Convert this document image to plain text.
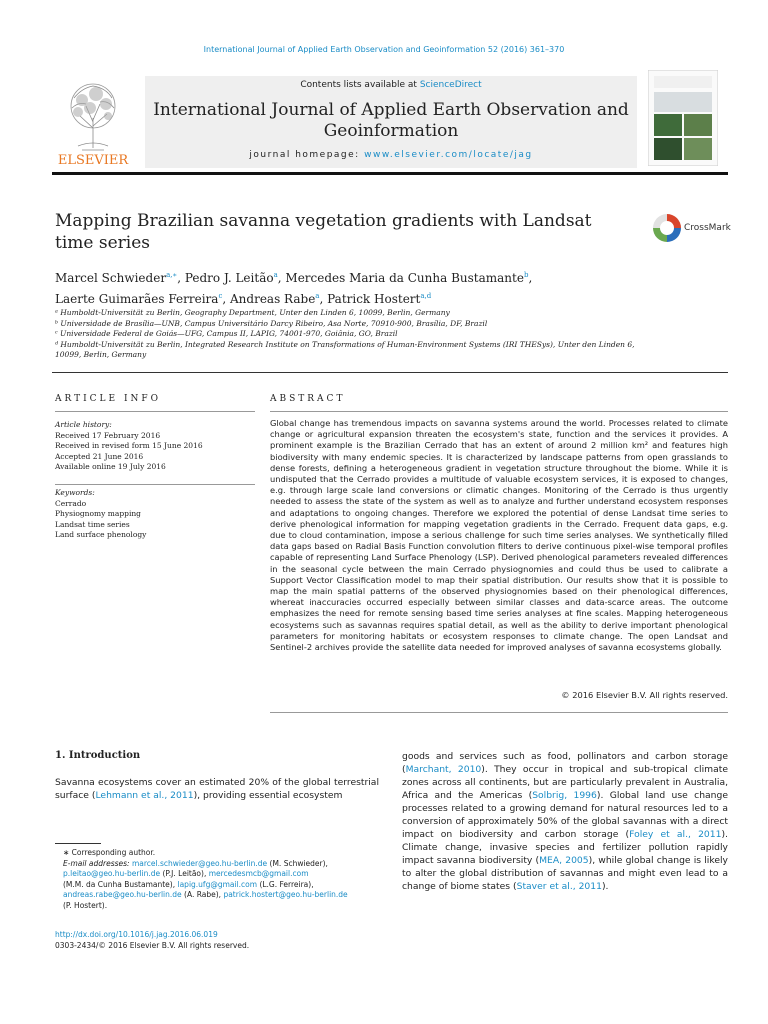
International Journal of Applied Earth Observation and Geoinformation 52 (2016) 361–370
ELSEVIER
Contents lists available at ScienceDirect
International Journal of Applied Earth Observation and Geoinformation
journal homepage: www.elsevier.com/locate/jag
Mapping Brazilian savanna vegetation gradients with Landsat time series
CrossMark
Marcel Schwieder$^{a,∗}$, Pedro J. Leitão$^a$, Mercedes Maria da Cunha Bustamante$^b$,
Laerte Guimarães Ferreira$^c$, Andreas Rabe$^a$, Patrick Hostert$^{a,d}$
ᵃ Humboldt-Universität zu Berlin, Geography Department, Unter den Linden 6, 10099, Berlin, Germany
ᵇ Universidade de Brasília—UNB, Campus Universitário Darcy Ribeiro, Asa Norte, 70910-900, Brasília, DF, Brazil
ᶜ Universidade Federal de Goiás—UFG, Campus II, LAPIG, 74001-970, Goiânia, GO, Brazil
ᵈ Humboldt-Universität zu Berlin, Integrated Research Institute on Transformations of Human-Environment Systems (IRI THESys), Unter den Linden 6, 10099, Berlin, Germany
ARTICLE INFO
Article history:
Received 17 February 2016
Received in revised form 15 June 2016
Accepted 21 June 2016
Available online 19 July 2016
Keywords:
Cerrado
Physiognomy mapping
Landsat time series
Land surface phenology
ABSTRACT
Global change has tremendous impacts on savanna systems around the world. Processes related to climate change or agricultural expansion threaten the ecosystem's state, function and the services it provides. A prominent example is the Brazilian Cerrado that has an extent of around 2 million km² and features high biodiversity with many endemic species. It is characterized by landscape patterns from open grasslands to dense forests, defining a heterogeneous gradient in vegetation structure throughout the biome. While it is undisputed that the Cerrado provides a multitude of valuable ecosystem services, it is exposed to changes, e.g. through large scale land conversions or climatic changes. Monitoring of the Cerrado is thus urgently needed to assess the state of the system as well as to analyze and further understand ecosystem responses and adaptations to ongoing changes. Therefore we explored the potential of dense Landsat time series to derive phenological information for mapping vegetation gradients in the Cerrado. Frequent data gaps, e.g. due to cloud contamination, impose a serious challenge for such time series analyses. We synthetically filled data gaps based on Radial Basis Function convolution filters to derive continuous pixel-wise temporal profiles capable of representing Land Surface Phenology (LSP). Derived phenological parameters revealed differences in the seasonal cycle between the main Cerrado physiognomies and could thus be used to calibrate a Support Vector Classification model to map their spatial distribution. Our results show that it is possible to map the main spatial patterns of the observed physiognomies based on their phenological differences, whereat inaccuracies occurred especially between similar classes and data-scarce areas. The outcome emphasizes the need for remote sensing based time series analyses at fine scales. Mapping heterogeneous ecosystems such as savannas requires spatial detail, as well as the ability to derive important phenological parameters for monitoring habitats or ecosystem responses to climate change. The open Landsat and Sentinel-2 archives provide the satellite data needed for improved analyses of savanna ecosystems globally.
© 2016 Elsevier B.V. All rights reserved.
1. Introduction
Savanna ecosystems cover an estimated 20% of the global terrestrial surface (Lehmann et al., 2011), providing essential ecosystem
goods and services such as food, pollinators and carbon storage (Marchant, 2010). They occur in tropical and sub-tropical climate zones across all continents, but are particularly prevalent in Australia, Africa and the Americas (Solbrig, 1996). Global land use change processes related to a growing demand for natural resources led to a conversion of approximately 50% of the global savannas with a direct impact on biodiversity and carbon storage (Foley et al., 2011). Climate change, invasive species and fertilizer pollution rapidly impact savanna biodiversity (MEA, 2005), while global change is likely to alter the global distribution of savannas and might even lead to a change of biome states (Staver et al., 2011).
∗ Corresponding author.
E-mail addresses: marcel.schwieder@geo.hu-berlin.de (M. Schwieder),
p.leitao@geo.hu-berlin.de (P.J. Leitão), mercedesmcb@gmail.com
(M.M. da Cunha Bustamante), lapig.ufg@gmail.com (L.G. Ferreira),
andreas.rabe@geo.hu-berlin.de (A. Rabe), patrick.hostert@geo.hu-berlin.de
(P. Hostert).
http://dx.doi.org/10.1016/j.jag.2016.06.019
0303-2434/© 2016 Elsevier B.V. All rights reserved.
